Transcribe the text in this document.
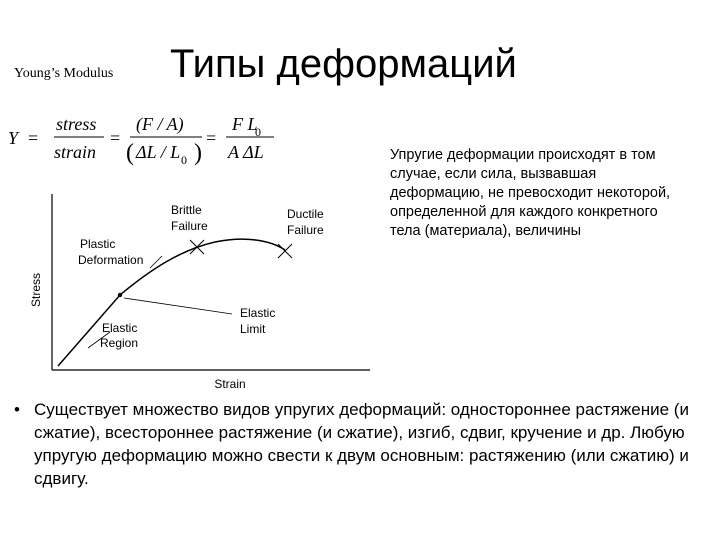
Типы деформаций
Young’s Modulus
Y =
stress
strain
=
(F / A)
( ΔL / L 0 )
=
F L
0
A ΔL
Stress
Strain
Brittle
Failure
Ductile
Failure
Plastic
Deformation
Elastic
Region
Elastic
Limit
Упругие деформации происходят в том случае, если сила, вызвавшая деформацию, не превосходит некоторой, определенной для каждого конкретного тела (материала), величины
• Существует множество видов упругих деформаций: одностороннее растяжение (и сжатие), всестороннее растяжение (и сжатие), изгиб, сдвиг, кручение и др. Любую упругую деформацию можно свести к двум основным: растяжению (или сжатию) и сдвигу.
